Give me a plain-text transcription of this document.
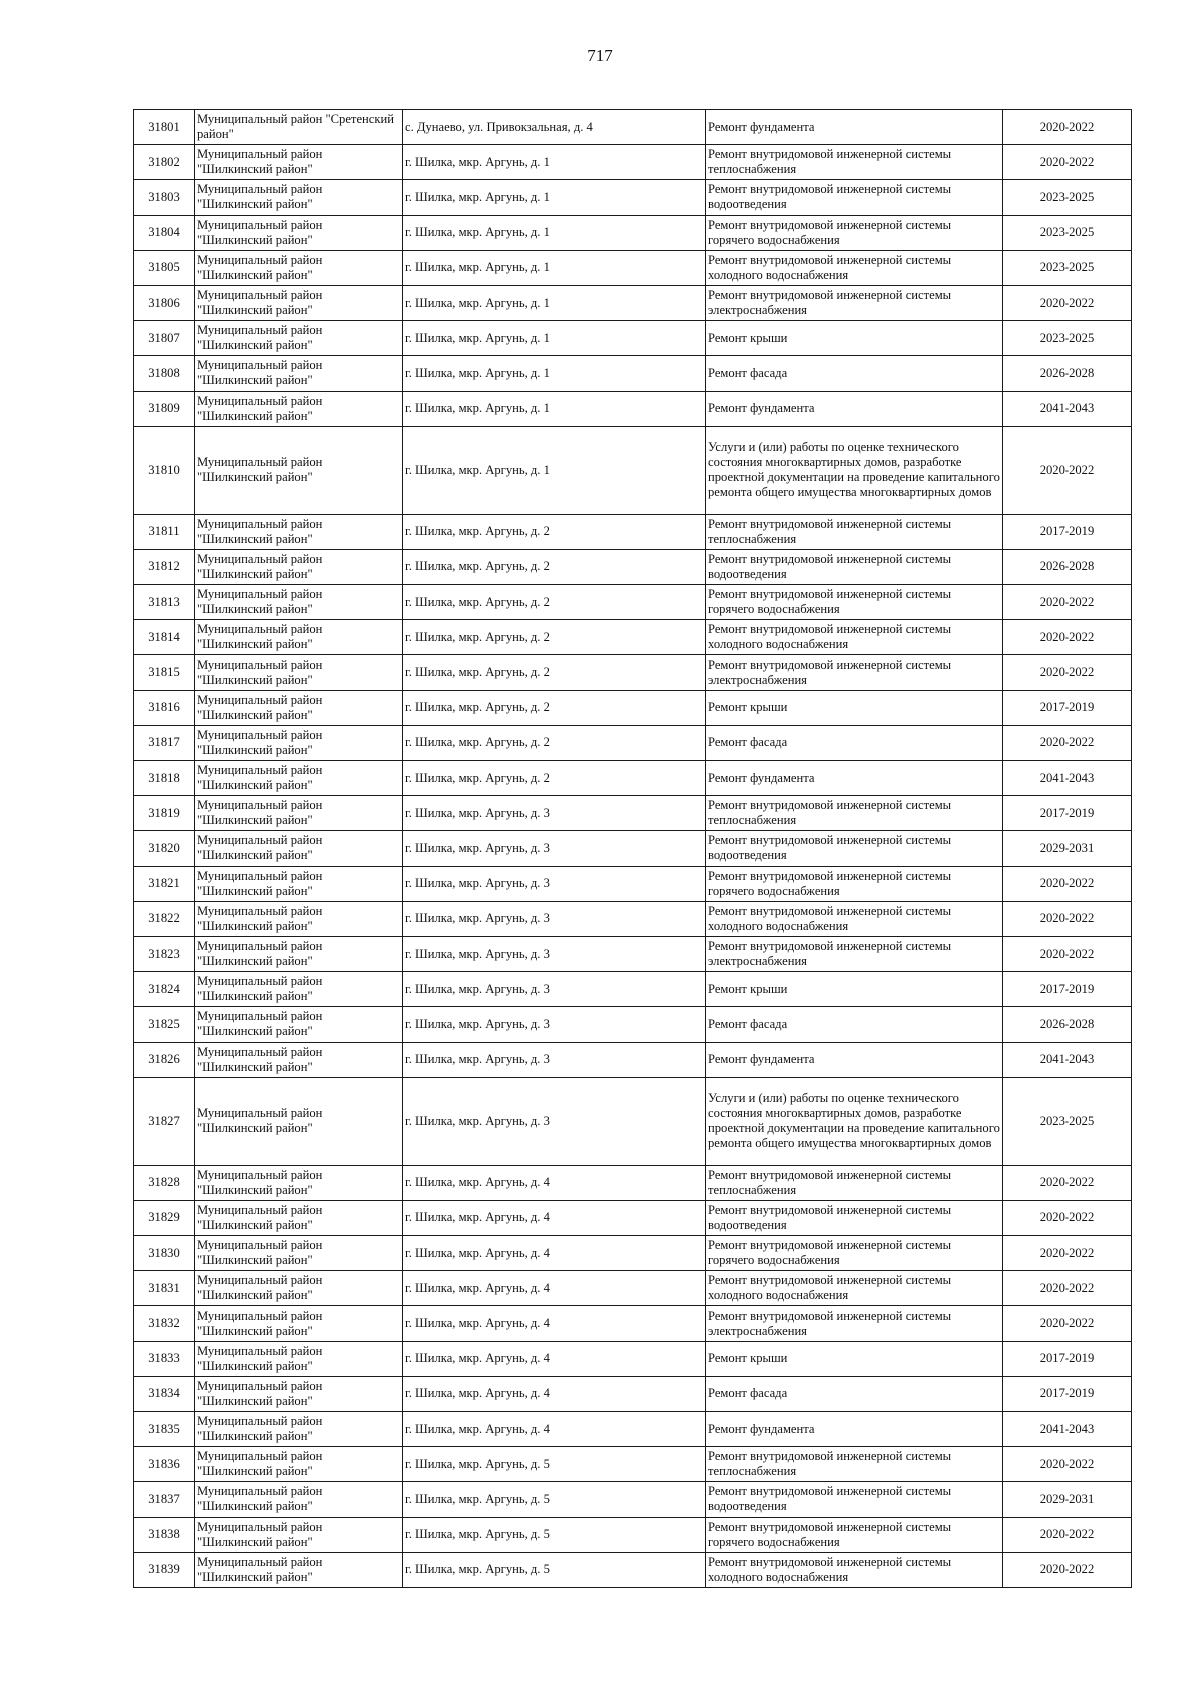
717
31801	Муниципальный район "Сретенский район"	с. Дунаево, ул. Привокзальная, д. 4	Ремонт фундамента	2020-2022
31802	Муниципальный район "Шилкинский район"	г. Шилка, мкр. Аргунь, д. 1	Ремонт внутридомовой инженерной системы теплоснабжения	2020-2022
31803	Муниципальный район "Шилкинский район"	г. Шилка, мкр. Аргунь, д. 1	Ремонт внутридомовой инженерной системы водоотведения	2023-2025
31804	Муниципальный район "Шилкинский район"	г. Шилка, мкр. Аргунь, д. 1	Ремонт внутридомовой инженерной системы горячего водоснабжения	2023-2025
31805	Муниципальный район "Шилкинский район"	г. Шилка, мкр. Аргунь, д. 1	Ремонт внутридомовой инженерной системы холодного водоснабжения	2023-2025
31806	Муниципальный район "Шилкинский район"	г. Шилка, мкр. Аргунь, д. 1	Ремонт внутридомовой инженерной системы электроснабжения	2020-2022
31807	Муниципальный район "Шилкинский район"	г. Шилка, мкр. Аргунь, д. 1	Ремонт крыши	2023-2025
31808	Муниципальный район "Шилкинский район"	г. Шилка, мкр. Аргунь, д. 1	Ремонт фасада	2026-2028
31809	Муниципальный район "Шилкинский район"	г. Шилка, мкр. Аргунь, д. 1	Ремонт фундамента	2041-2043
31810	Муниципальный район "Шилкинский район"	г. Шилка, мкр. Аргунь, д. 1	Услуги и (или) работы по оценке технического состояния многоквартирных домов, разработке проектной документации на проведение капитального ремонта общего имущества многоквартирных домов	2020-2022
31811	Муниципальный район "Шилкинский район"	г. Шилка, мкр. Аргунь, д. 2	Ремонт внутридомовой инженерной системы теплоснабжения	2017-2019
31812	Муниципальный район "Шилкинский район"	г. Шилка, мкр. Аргунь, д. 2	Ремонт внутридомовой инженерной системы водоотведения	2026-2028
31813	Муниципальный район "Шилкинский район"	г. Шилка, мкр. Аргунь, д. 2	Ремонт внутридомовой инженерной системы горячего водоснабжения	2020-2022
31814	Муниципальный район "Шилкинский район"	г. Шилка, мкр. Аргунь, д. 2	Ремонт внутридомовой инженерной системы холодного водоснабжения	2020-2022
31815	Муниципальный район "Шилкинский район"	г. Шилка, мкр. Аргунь, д. 2	Ремонт внутридомовой инженерной системы электроснабжения	2020-2022
31816	Муниципальный район "Шилкинский район"	г. Шилка, мкр. Аргунь, д. 2	Ремонт крыши	2017-2019
31817	Муниципальный район "Шилкинский район"	г. Шилка, мкр. Аргунь, д. 2	Ремонт фасада	2020-2022
31818	Муниципальный район "Шилкинский район"	г. Шилка, мкр. Аргунь, д. 2	Ремонт фундамента	2041-2043
31819	Муниципальный район "Шилкинский район"	г. Шилка, мкр. Аргунь, д. 3	Ремонт внутридомовой инженерной системы теплоснабжения	2017-2019
31820	Муниципальный район "Шилкинский район"	г. Шилка, мкр. Аргунь, д. 3	Ремонт внутридомовой инженерной системы водоотведения	2029-2031
31821	Муниципальный район "Шилкинский район"	г. Шилка, мкр. Аргунь, д. 3	Ремонт внутридомовой инженерной системы горячего водоснабжения	2020-2022
31822	Муниципальный район "Шилкинский район"	г. Шилка, мкр. Аргунь, д. 3	Ремонт внутридомовой инженерной системы холодного водоснабжения	2020-2022
31823	Муниципальный район "Шилкинский район"	г. Шилка, мкр. Аргунь, д. 3	Ремонт внутридомовой инженерной системы электроснабжения	2020-2022
31824	Муниципальный район "Шилкинский район"	г. Шилка, мкр. Аргунь, д. 3	Ремонт крыши	2017-2019
31825	Муниципальный район "Шилкинский район"	г. Шилка, мкр. Аргунь, д. 3	Ремонт фасада	2026-2028
31826	Муниципальный район "Шилкинский район"	г. Шилка, мкр. Аргунь, д. 3	Ремонт фундамента	2041-2043
31827	Муниципальный район "Шилкинский район"	г. Шилка, мкр. Аргунь, д. 3	Услуги и (или) работы по оценке технического состояния многоквартирных домов, разработке проектной документации на проведение капитального ремонта общего имущества многоквартирных домов	2023-2025
31828	Муниципальный район "Шилкинский район"	г. Шилка, мкр. Аргунь, д. 4	Ремонт внутридомовой инженерной системы теплоснабжения	2020-2022
31829	Муниципальный район "Шилкинский район"	г. Шилка, мкр. Аргунь, д. 4	Ремонт внутридомовой инженерной системы водоотведения	2020-2022
31830	Муниципальный район "Шилкинский район"	г. Шилка, мкр. Аргунь, д. 4	Ремонт внутридомовой инженерной системы горячего водоснабжения	2020-2022
31831	Муниципальный район "Шилкинский район"	г. Шилка, мкр. Аргунь, д. 4	Ремонт внутридомовой инженерной системы холодного водоснабжения	2020-2022
31832	Муниципальный район "Шилкинский район"	г. Шилка, мкр. Аргунь, д. 4	Ремонт внутридомовой инженерной системы электроснабжения	2020-2022
31833	Муниципальный район "Шилкинский район"	г. Шилка, мкр. Аргунь, д. 4	Ремонт крыши	2017-2019
31834	Муниципальный район "Шилкинский район"	г. Шилка, мкр. Аргунь, д. 4	Ремонт фасада	2017-2019
31835	Муниципальный район "Шилкинский район"	г. Шилка, мкр. Аргунь, д. 4	Ремонт фундамента	2041-2043
31836	Муниципальный район "Шилкинский район"	г. Шилка, мкр. Аргунь, д. 5	Ремонт внутридомовой инженерной системы теплоснабжения	2020-2022
31837	Муниципальный район "Шилкинский район"	г. Шилка, мкр. Аргунь, д. 5	Ремонт внутридомовой инженерной системы водоотведения	2029-2031
31838	Муниципальный район "Шилкинский район"	г. Шилка, мкр. Аргунь, д. 5	Ремонт внутридомовой инженерной системы горячего водоснабжения	2020-2022
31839	Муниципальный район "Шилкинский район"	г. Шилка, мкр. Аргунь, д. 5	Ремонт внутридомовой инженерной системы холодного водоснабжения	2020-2022
